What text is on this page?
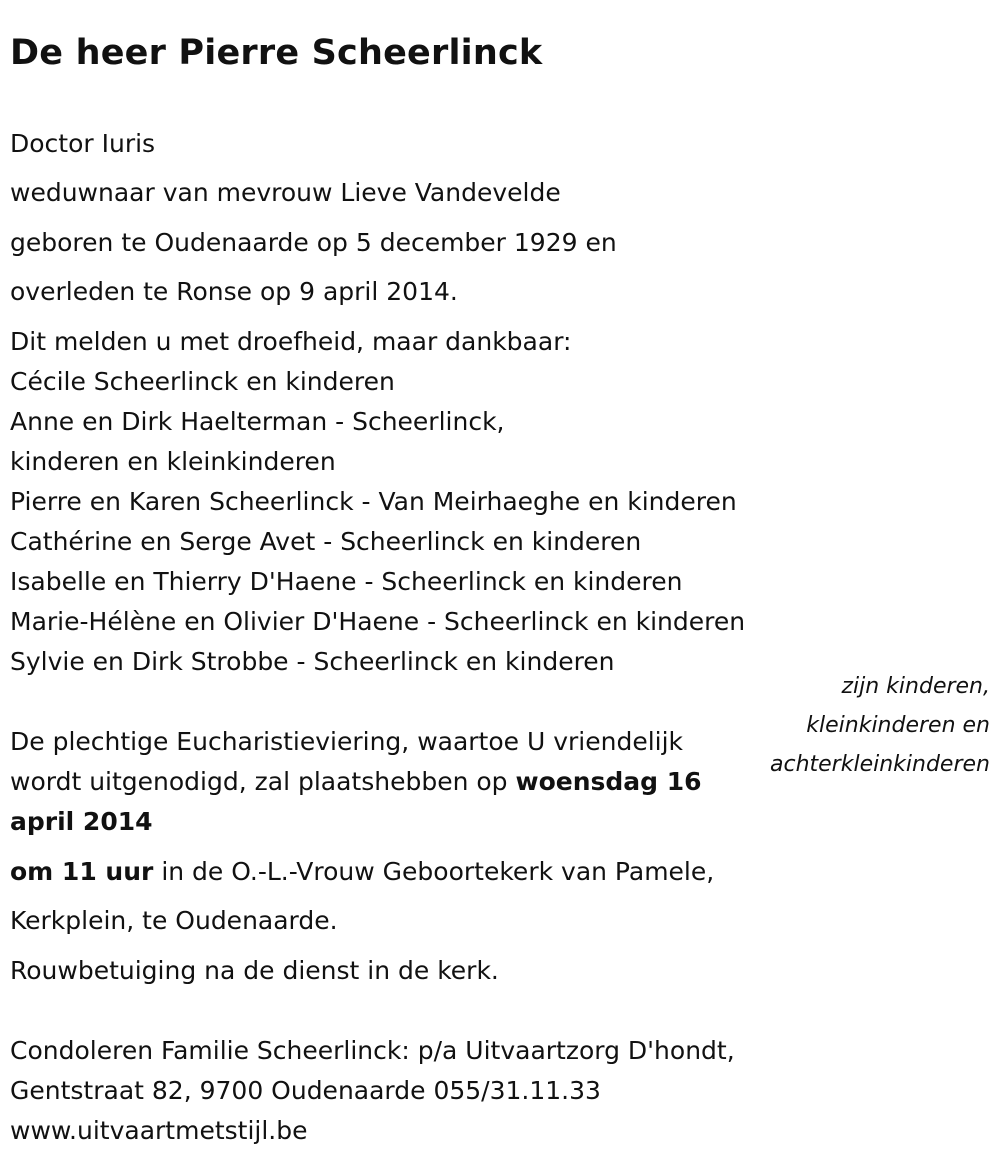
De heer Pierre Scheerlinck

Doctor Iuris

weduwnaar van mevrouw Lieve Vandevelde

geboren te Oudenaarde op 5 december 1929 en

overleden te Ronse op 9 april 2014.

Dit melden u met droefheid, maar dankbaar:

Cécile Scheerlinck en kinderen

Anne en Dirk Haelterman - Scheerlinck,

kinderen en kleinkinderen

Pierre en Karen Scheerlinck - Van Meirhaeghe en kinderen

Cathérine en Serge Avet - Scheerlinck en kinderen

Isabelle en Thierry D'Haene - Scheerlinck en kinderen

Marie-Hélène en Olivier D'Haene - Scheerlinck en kinderen

Sylvie en Dirk Strobbe - Scheerlinck en kinderen

zijn kinderen,
kleinkinderen en
achterkleinkinderen

De plechtige Eucharistieviering, waartoe U vriendelijk wordt uitgenodigd, zal plaatshebben op woensdag 16 april 2014

om 11 uur in de O.-L.-Vrouw Geboortekerk van Pamele,

Kerkplein, te Oudenaarde.

Rouwbetuiging na de dienst in de kerk.

Condoleren Familie Scheerlinck: p/a Uitvaartzorg D'hondt,

Gentstraat 82, 9700 Oudenaarde 055/31.11.33

www.uitvaartmetstijl.be
